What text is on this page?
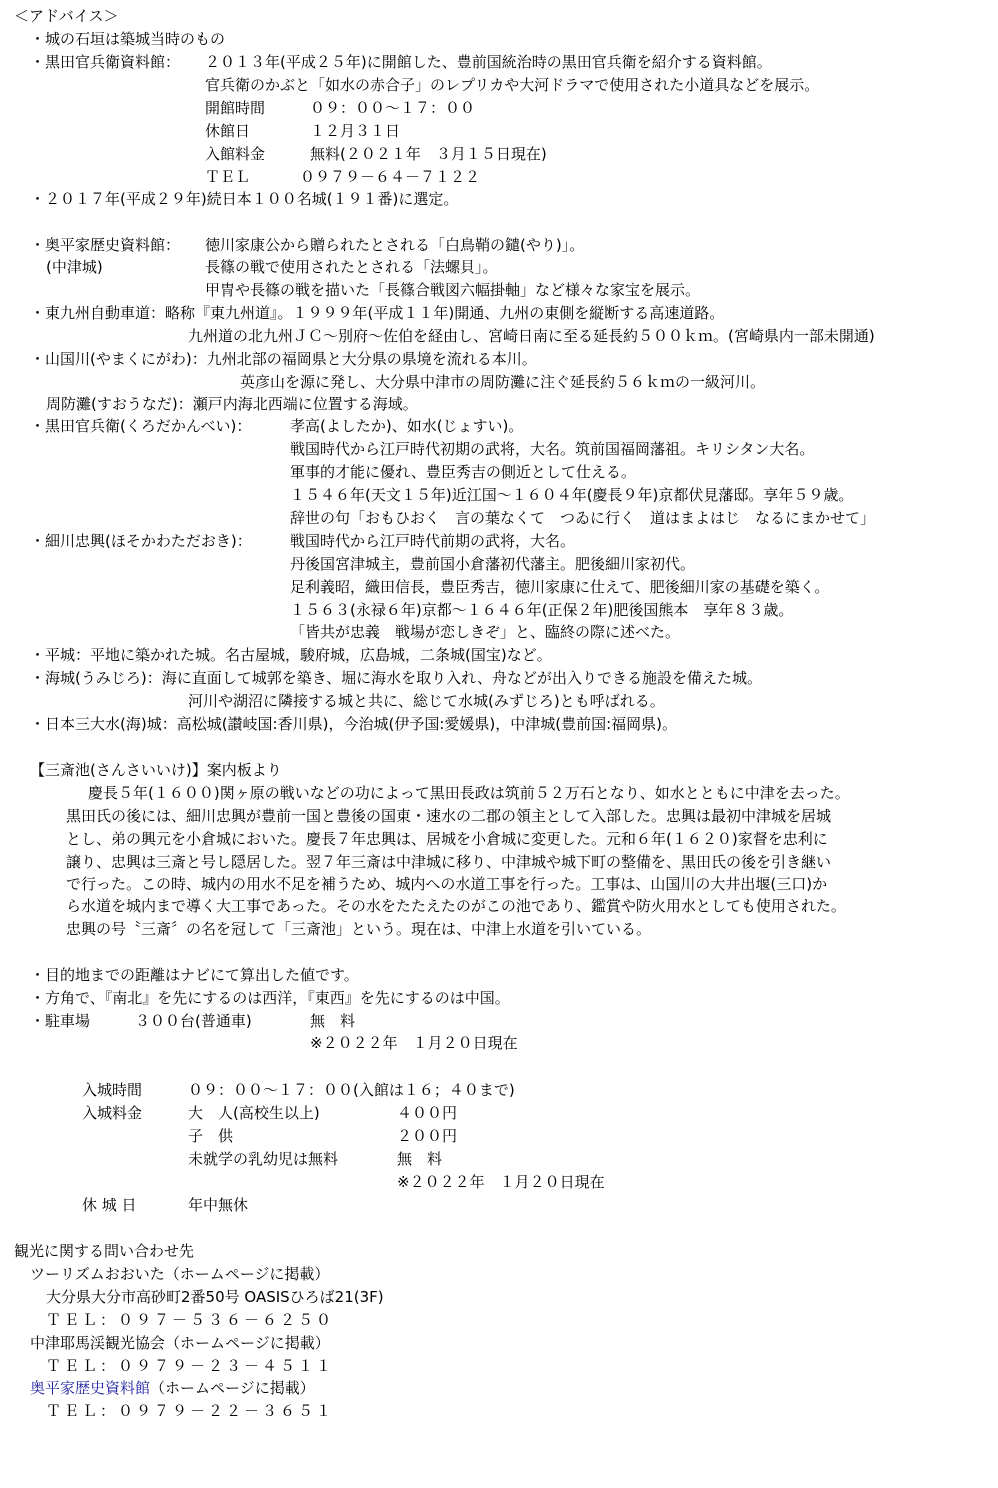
＜アドバイス＞
・城の石垣は築城当時のもの
・黒田官兵衛資料館： ２０１３年(平成２５年)に開館した、豊前国統治時の黒田官兵衛を紹介する資料館。
官兵衛のかぶと「如水の赤合子」のレプリカや大河ドラマで使用された小道具などを展示。
開館時間	０９：００～１７：００
休館日	１２月３１日
入館料金	無料(２０２１年　３月１５日現在)
ＴＥＬ	０９７９－６４－７１２２
・２０１７年(平成２９年)続日本１００名城(１９１番)に選定。
・奥平家歴史資料館： 徳川家康公から贈られたとされる「白鳥鞘の鑓(やり)」。
(中津城)	長篠の戦で使用されたとされる「法螺貝」。
甲冑や長篠の戦を描いた「長篠合戦図六幅掛軸」など様々な家宝を展示。
・東九州自動車道：略称『東九州道』。１９９９年(平成１１年)開通、九州の東側を縦断する高速道路。
九州道の北九州ＪＣ～別府～佐伯を経由し、宮崎日南に至る延長約５００ｋｍ。(宮崎県内一部未開通)
・山国川(やまくにがわ)：九州北部の福岡県と大分県の県境を流れる本川。
英彦山を源に発し、大分県中津市の周防灘に注ぐ延長約５６ｋｍの一級河川。
周防灘(すおうなだ)：瀬戸内海北西端に位置する海域。
・黒田官兵衛(くろだかんべい)：	孝高(よしたか)、如水(じょすい)。
戦国時代から江戸時代初期の武将，大名。筑前国福岡藩祖。キリシタン大名。
軍事的才能に優れ、豊臣秀吉の側近として仕える。
１５４６年(天文１５年)近江国～１６０４年(慶長９年)京都伏見藩邸。享年５９歳。
辞世の句「おもひおく　言の葉なくて　つゐに行く　道はまよはじ　なるにまかせて」
・細川忠興(ほそかわただおき)：	戦国時代から江戸時代前期の武将，大名。
丹後国宮津城主，豊前国小倉藩初代藩主。肥後細川家初代。
足利義昭，織田信長，豊臣秀吉，徳川家康に仕えて、肥後細川家の基礎を築く。
１５６３(永禄６年)京都～１６４６年(正保２年)肥後国熊本　享年８３歳。
「皆共が忠義　戦場が恋しきぞ」と、臨終の際に述べた。
・平城：平地に築かれた城。名古屋城，駿府城，広島城，二条城(国宝)など。
・海城(うみじろ)：海に直面して城郭を築き、堀に海水を取り入れ、舟などが出入りできる施設を備えた城。
河川や湖沼に隣接する城と共に、総じて水城(みずじろ)とも呼ばれる。
・日本三大水(海)城：高松城(讃岐国:香川県)，今治城(伊予国:愛媛県)，中津城(豊前国:福岡県)。
【三斎池(さんさいいけ)】案内板より
慶長５年(１６００)関ヶ原の戦いなどの功によって黒田長政は筑前５２万石となり、如水とともに中津を去った。
黒田氏の後には、細川忠興が豊前一国と豊後の国東・速水の二郡の領主として入部した。忠興は最初中津城を居城
とし、弟の興元を小倉城においた。慶長７年忠興は、居城を小倉城に変更した。元和６年(１６２０)家督を忠利に
譲り、忠興は三斎と号し隠居した。翌７年三斎は中津城に移り、中津城や城下町の整備を、黒田氏の後を引き継い
で行った。この時、城内の用水不足を補うため、城内への水道工事を行った。工事は、山国川の大井出堰(三口)か
ら水道を城内まで導く大工事であった。その水をたたえたのがこの池であり、鑑賞や防火用水としても使用された。
忠興の号〝三斎〞の名を冠して「三斎池」という。現在は、中津上水道を引いている。
・目的地までの距離はナビにて算出した値です。
・方角で、『南北』を先にするのは西洋，『東西』を先にするのは中国。
・駐車場	３００台(普通車)	無　料
※２０２２年　１月２０日現在
入城時間	０９：００～１７：００(入館は１６；４０まで)
入城料金	大　人(高校生以上)	４００円
子　供	２００円
未就学の乳幼児は無料	無　料
※２０２２年　１月２０日現在
休 城 日	年中無休
観光に関する問い合わせ先
ツーリズムおおいた（ホームページに掲載）
大分県大分市高砂町2番50号 OASISひろば21(3F)
ＴＥＬ：０９７－５３６－６２５０
中津耶馬渓観光協会（ホームページに掲載）
ＴＥＬ：０９７９－２３－４５１１
奥平家歴史資料館（ホームページに掲載）
ＴＥＬ：０９７９－２２－３６５１
